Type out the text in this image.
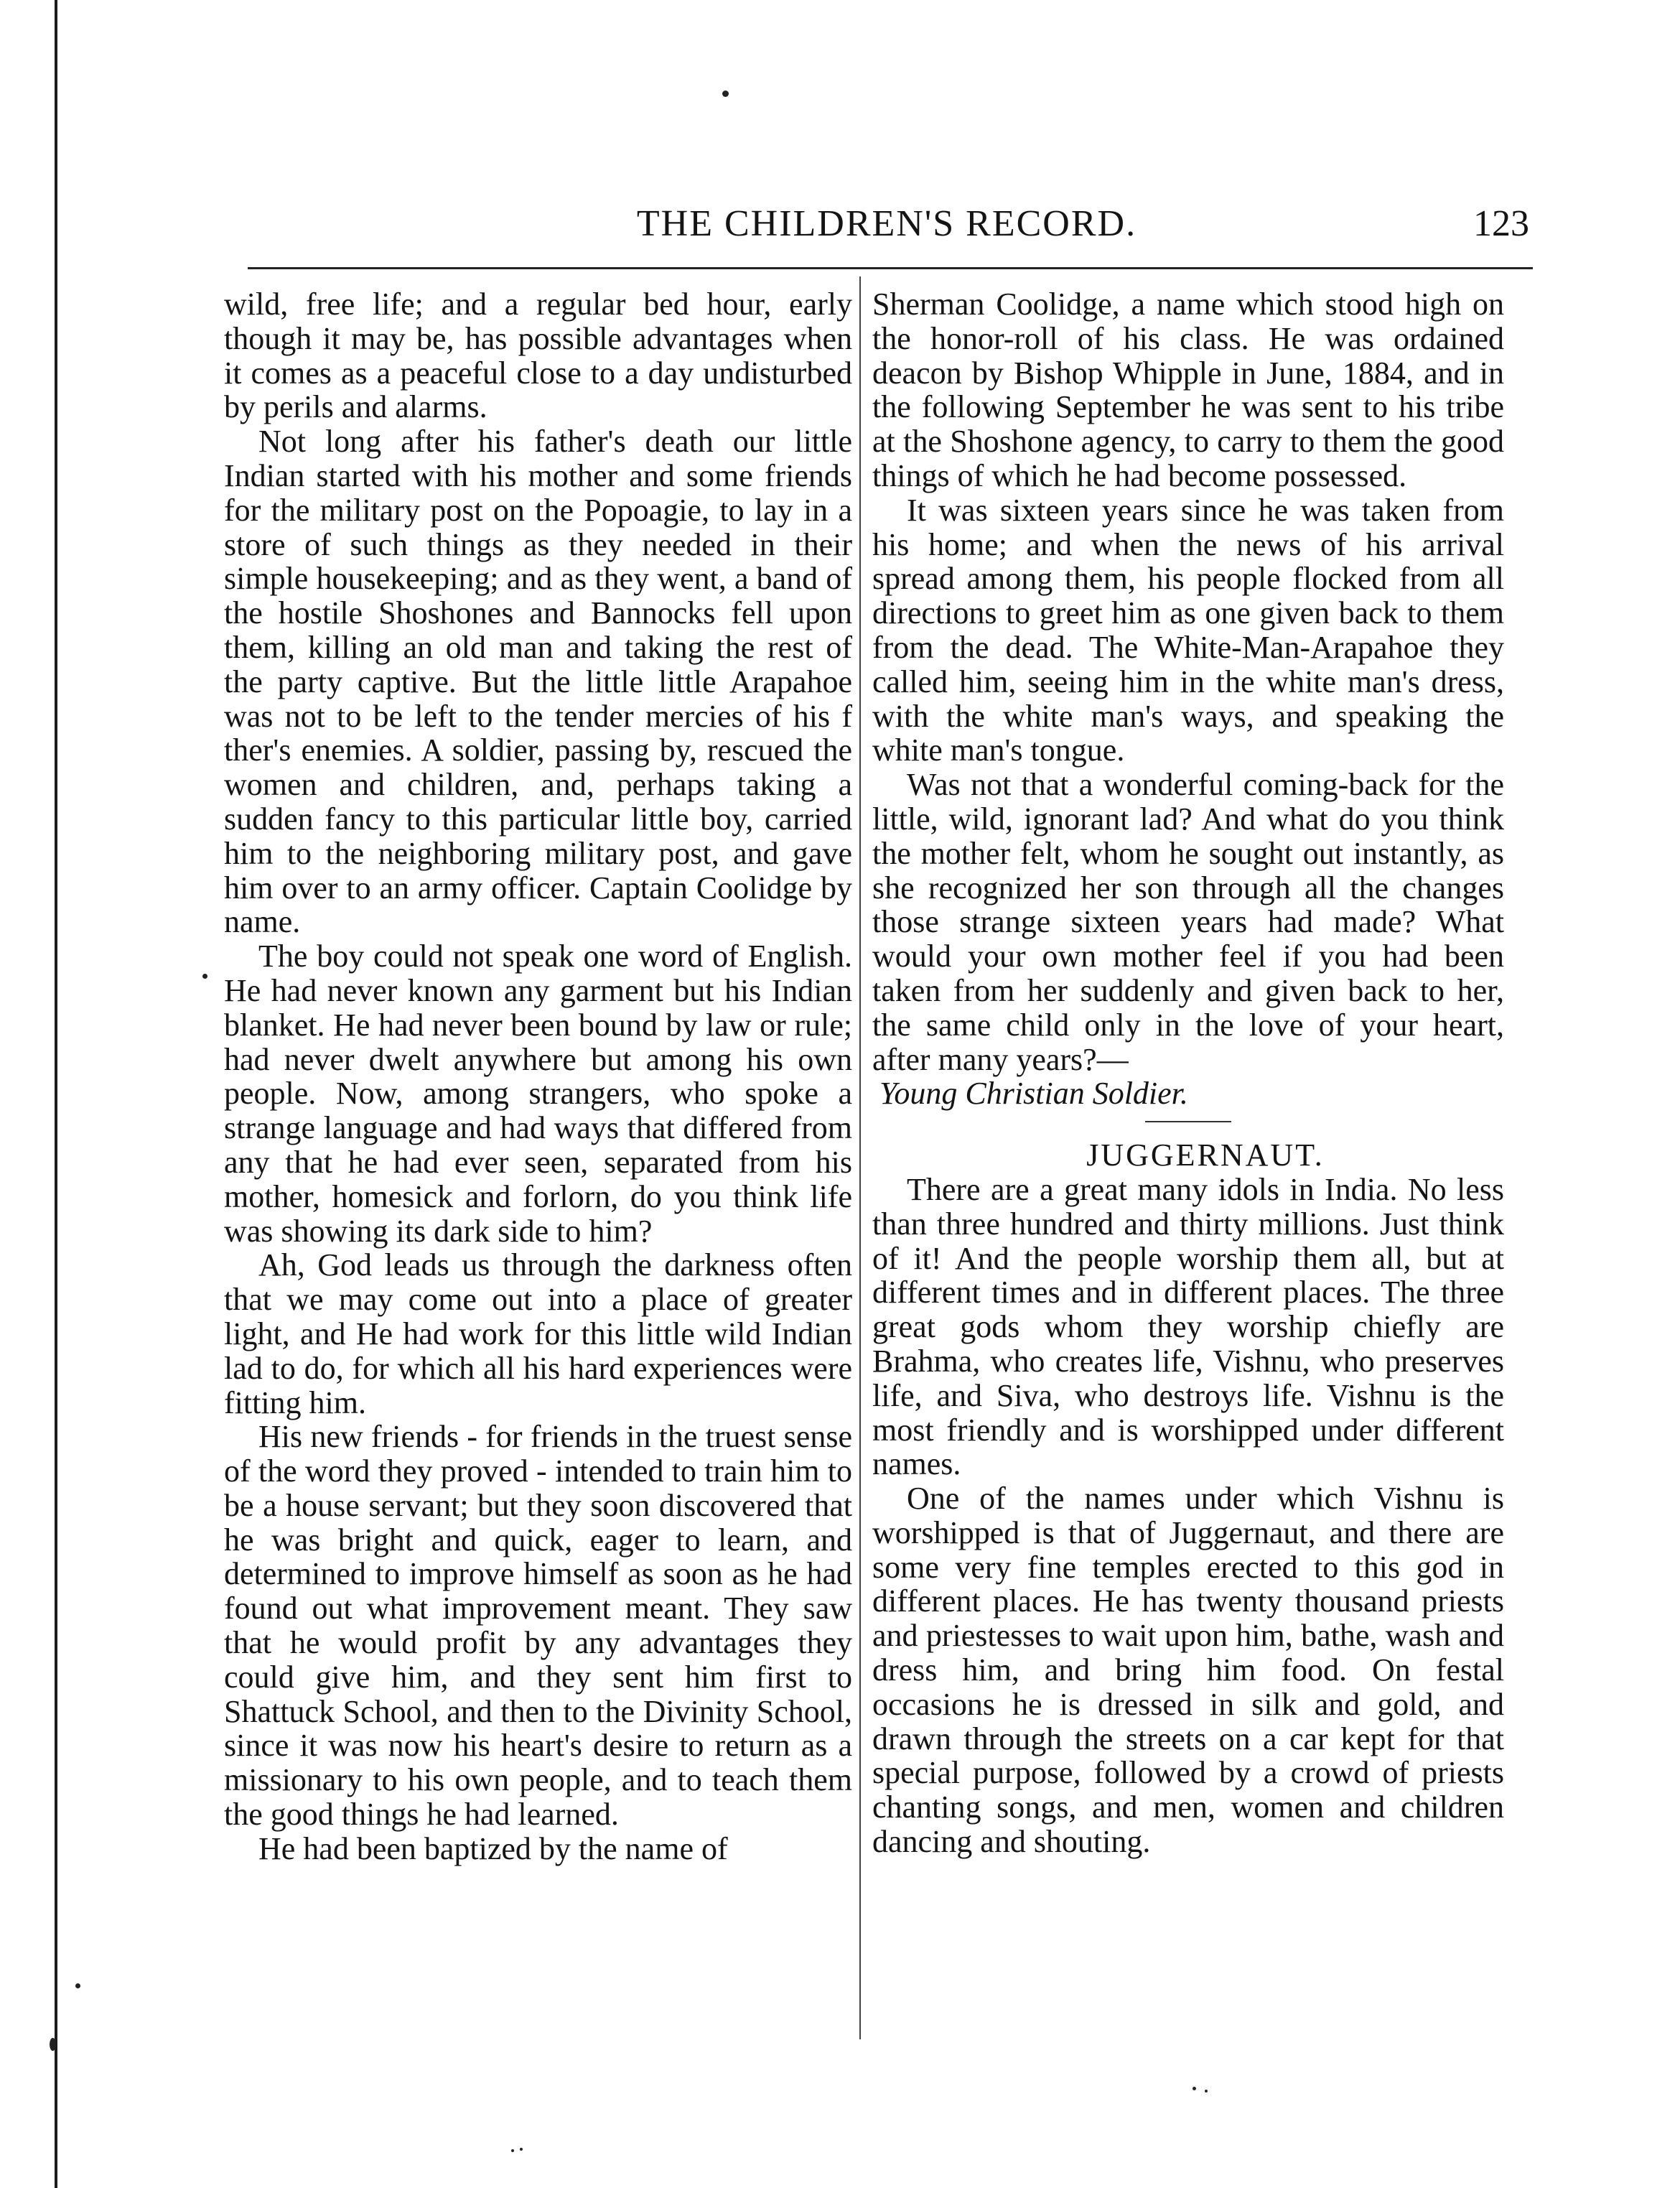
THE CHILDREN'S RECORD.	123

wild, free life; and a regular bed hour, early though it may be, has possible advantages when it comes as a peaceful close to a day undisturbed by perils and alarms.

Not long after his father's death our little Indian started with his mother and some friends for the military post on the Popoagie, to lay in a store of such things as they needed in their simple housekeeping; and as they went, a band of the hostile Shoshones and Bannocks fell upon them, killing an old man and taking the rest of the party captive. But the little little Arapahoe was not to be left to the tender mercies of his f ther's enemies. A soldier, passing by, rescued the women and children, and, perhaps taking a sudden fancy to this particular little boy, carried him to the neighboring military post, and gave him over to an army officer. Captain Coolidge by name.

The boy could not speak one word of English. He had never known any garment but his Indian blanket. He had never been bound by law or rule; had never dwelt anywhere but among his own people. Now, among strangers, who spoke a strange language and had ways that differed from any that he had ever seen, separated from his mother, homesick and forlorn, do you think life was showing its dark side to him?

Ah, God leads us through the darkness often that we may come out into a place of greater light, and He had work for this little wild Indian lad to do, for which all his hard experiences were fitting him.

His new friends - for friends in the truest sense of the word they proved - intended to train him to be a house servant; but they soon discovered that he was bright and quick, eager to learn, and determined to improve himself as soon as he had found out what improvement meant. They saw that he would profit by any advantages they could give him, and they sent him first to Shattuck School, and then to the Divinity School, since it was now his heart's desire to return as a missionary to his own people, and to teach them the good things he had learned.

He had been baptized by the name of

Sherman Coolidge, a name which stood high on the honor-roll of his class. He was ordained deacon by Bishop Whipple in June, 1884, and in the following September he was sent to his tribe at the Shoshone agency, to carry to them the good things of which he had become possessed.

It was sixteen years since he was taken from his home; and when the news of his arrival spread among them, his people flocked from all directions to greet him as one given back to them from the dead. The White-Man-Arapahoe they called him, seeing him in the white man's dress, with the white man's ways, and speaking the white man's tongue.

Was not that a wonderful coming-back for the little, wild, ignorant lad? And what do you think the mother felt, whom he sought out instantly, as she recognized her son through all the changes those strange sixteen years had made? What would your own mother feel if you had been taken from her suddenly and given back to her, the same child only in the love of your heart, after many years?—

Young Christian Soldier.

JUGGERNAUT.

There are a great many idols in India. No less than three hundred and thirty millions. Just think of it! And the people worship them all, but at different times and in different places. The three great gods whom they worship chiefly are Brahma, who creates life, Vishnu, who preserves life, and Siva, who destroys life. Vishnu is the most friendly and is worshipped under different names.

One of the names under which Vishnu is worshipped is that of Juggernaut, and there are some very fine temples erected to this god in different places. He has twenty thousand priests and priestesses to wait upon him, bathe, wash and dress him, and bring him food. On festal occasions he is dressed in silk and gold, and drawn through the streets on a car kept for that special purpose, followed by a crowd of priests chanting songs, and men, women and children dancing and shouting.
